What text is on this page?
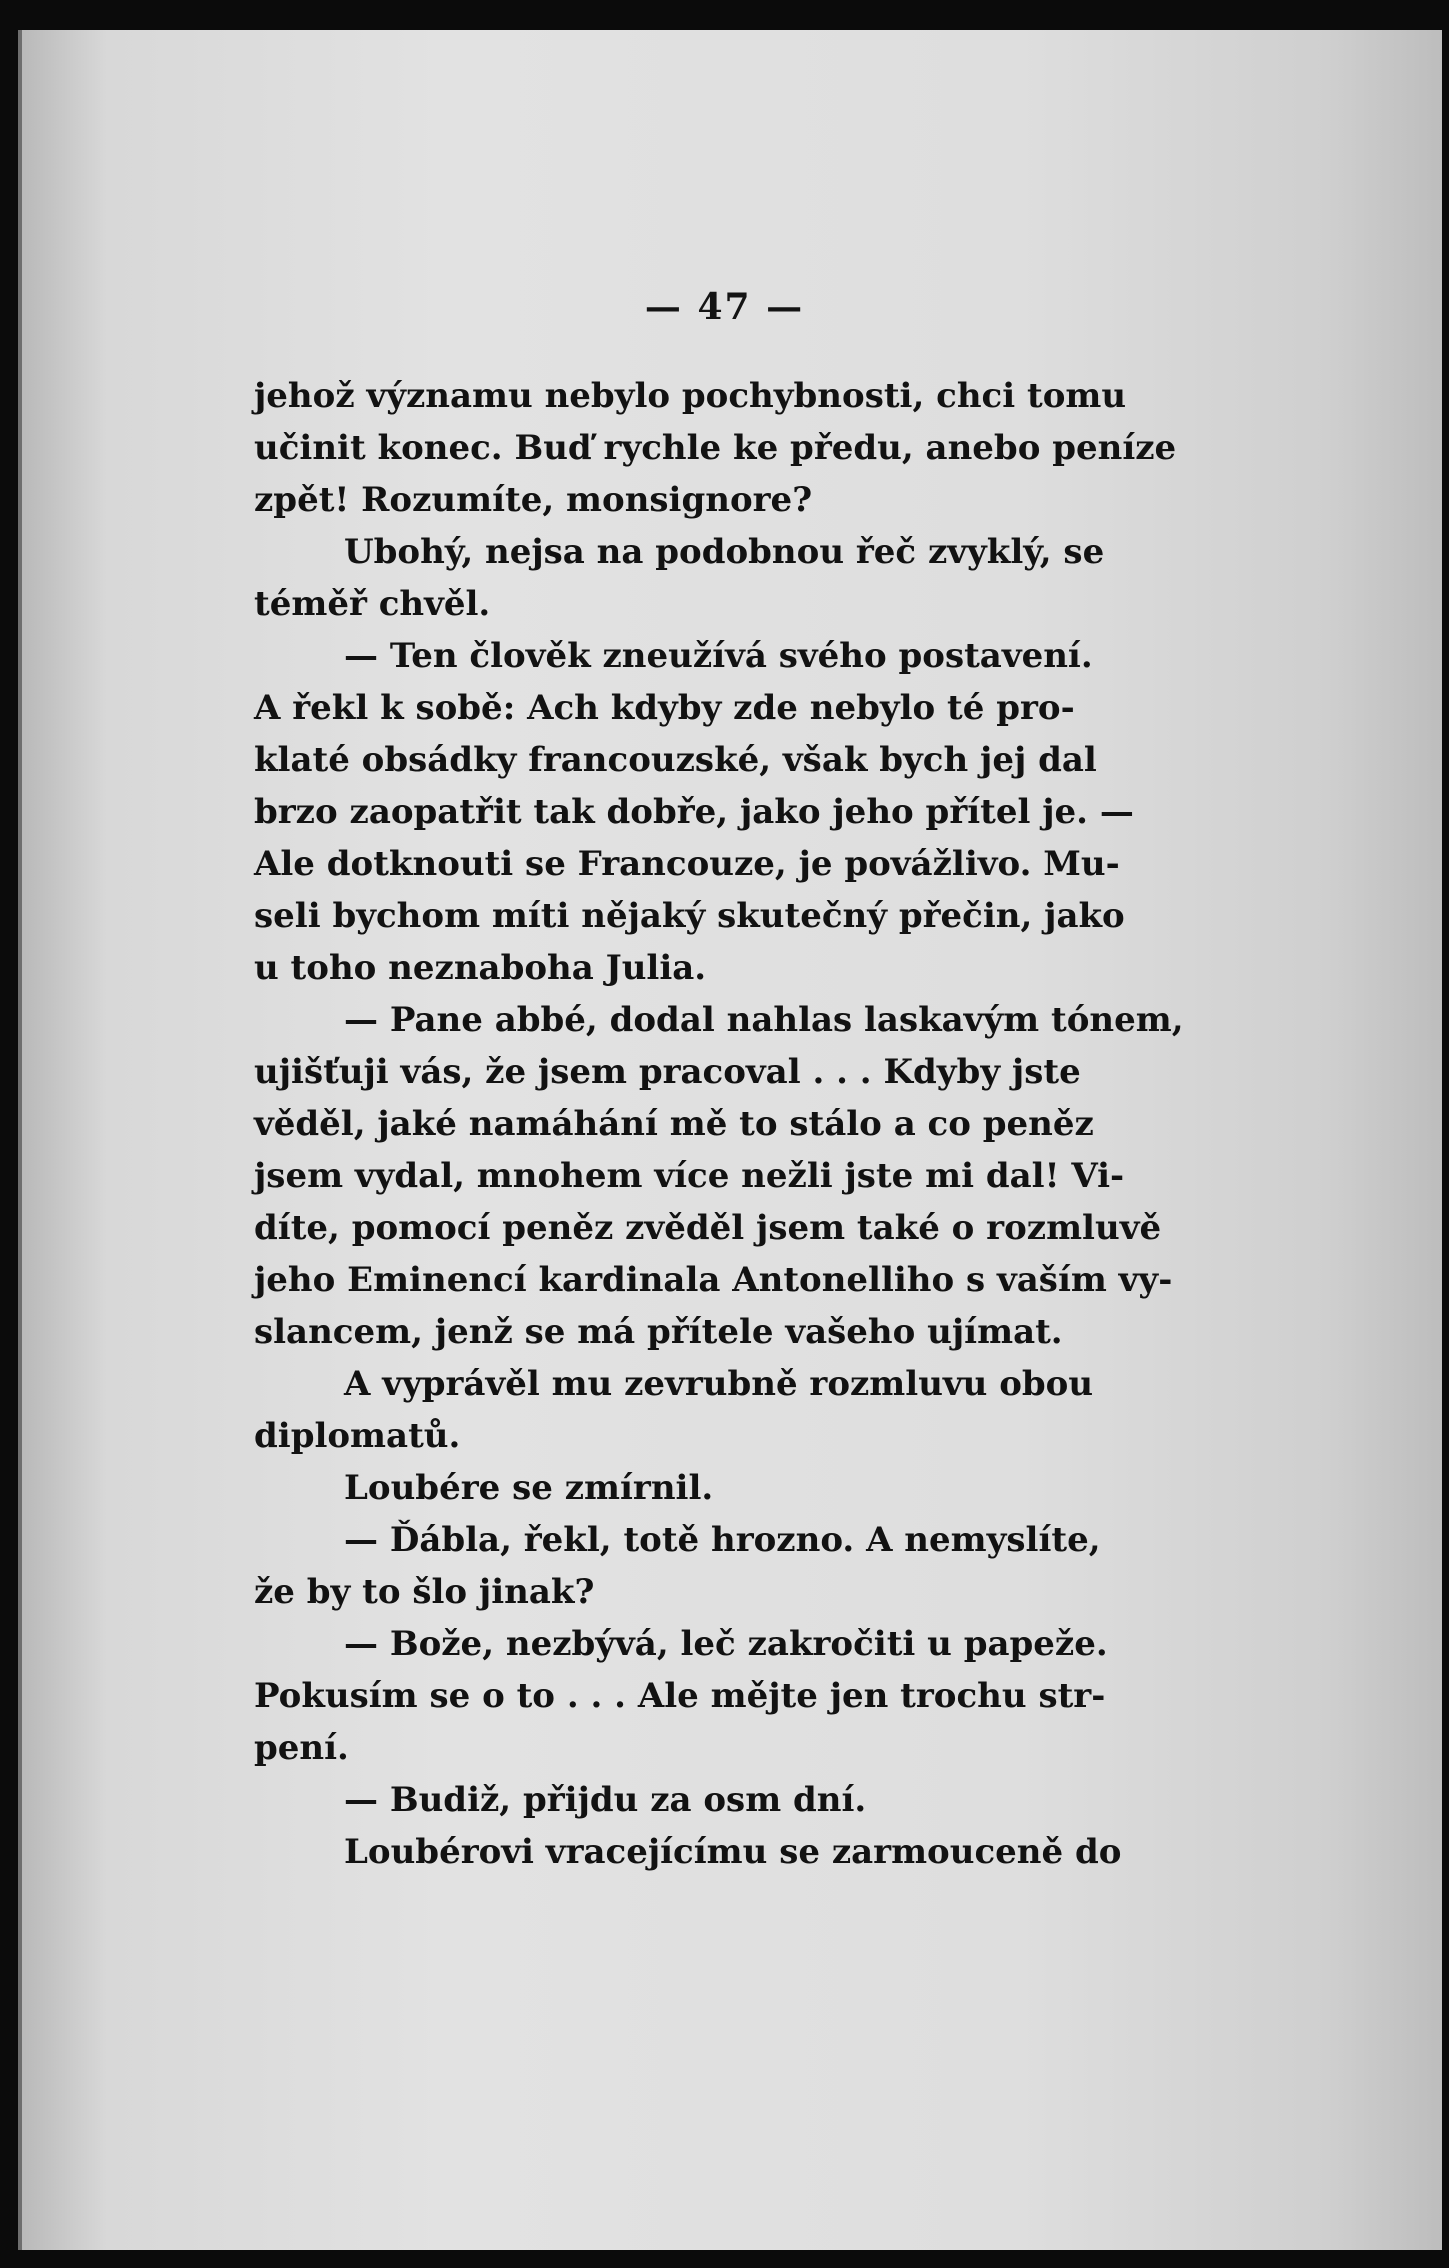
— 47 —
jehož významu nebylo pochybnosti, chci tomu
učinit konec. Buď rychle ke předu, anebo peníze
zpět! Rozumíte, monsignore?
Ubohý, nejsa na podobnou řeč zvyklý, se
téměř chvěl.
— Ten člověk zneužívá svého postavení.
A řekl k sobě: Ach kdyby zde nebylo té pro-
klaté obsádky francouzské, však bych jej dal
brzo zaopatřit tak dobře, jako jeho přítel je. —
Ale dotknouti se Francouze, je povážlivo. Mu-
seli bychom míti nějaký skutečný přečin, jako
u toho neznaboha Julia.
— Pane abbé, dodal nahlas laskavým tónem,
ujišťuji vás, že jsem pracoval . . . Kdyby jste
věděl, jaké namáhání mě to stálo a co peněz
jsem vydal, mnohem více nežli jste mi dal! Vi-
díte, pomocí peněz zvěděl jsem také o rozmluvě
jeho Eminencí kardinala Antonelliho s vaším vy-
slancem, jenž se má přítele vašeho ujímat.
A vyprávěl mu zevrubně rozmluvu obou
diplomatů.
Loubére se zmírnil.
— Ďábla, řekl, totě hrozno. A nemyslíte,
že by to šlo jinak?
— Bože, nezbývá, leč zakročiti u papeže.
Pokusím se o to . . . Ale mějte jen trochu str-
pení.
— Budiž, přijdu za osm dní.
Loubérovi vracejícímu se zarmouceně do
